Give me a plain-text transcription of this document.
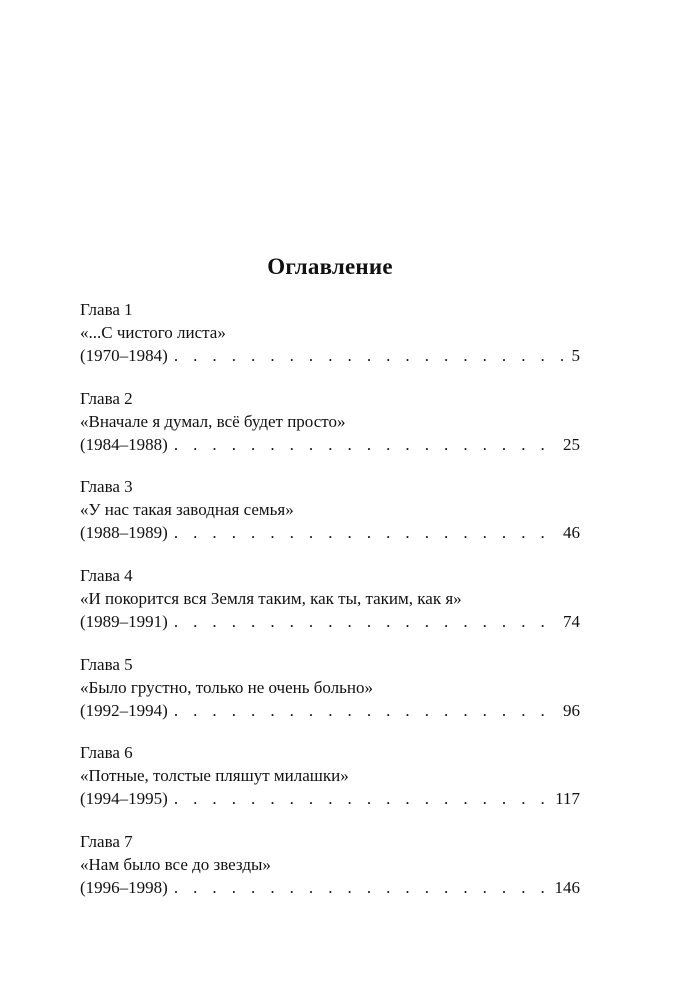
Оглавление
Глава 1
«...С чистого листа»
(1970–1984) . . .	5
Глава 2
«Вначале я думал, всё будет просто»
(1984–1988) . . .	25
Глава 3
«У нас такая заводная семья»
(1988–1989) . . .	46
Глава 4
«И покорится вся Земля таким, как ты, таким, как я»
(1989–1991) . . .	74
Глава 5
«Было грустно, только не очень больно»
(1992–1994) . . .	96
Глава 6
«Потные, толстые пляшут милашки»
(1994–1995) . . .	117
Глава 7
«Нам было все до звезды»
(1996–1998) . . .	146
